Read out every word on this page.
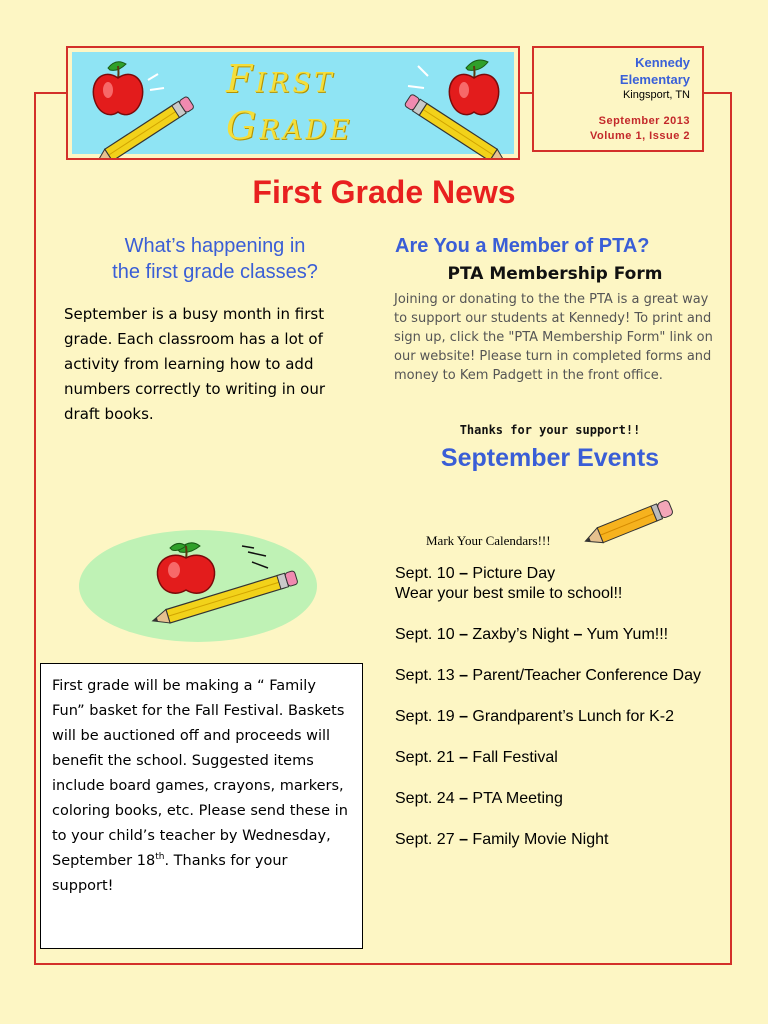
FIRST
GRADE
Kennedy
Elementary
Kingsport, TN
September 2013
Volume 1, Issue 2
First Grade News
What’s happening in
the first grade classes?
September is a busy month in first grade. Each classroom has a lot of activity from learning how to add numbers correctly to writing in our draft books.
First grade will be making a “ Family Fun” basket for the Fall Festival. Baskets will be auctioned off and proceeds will benefit the school. Suggested items include board games, crayons, markers, coloring books, etc. Please send these in to your child’s teacher by Wednesday, September 18th. Thanks for your support!
Are You a Member of PTA?
PTA Membership Form
Joining or donating to the the PTA is a great way to support our students at Kennedy! To print and sign up, click the "PTA Membership Form" link on our website! Please turn in completed forms and money to Kem Padgett in the front office.
Thanks for your support!!
September Events
Mark Your Calendars!!!
Sept. 10 – Picture Day
Wear your best smile to school!!
Sept. 10 – Zaxby’s Night – Yum Yum!!!
Sept. 13 – Parent/Teacher Conference Day
Sept. 19 – Grandparent’s Lunch for K-2
Sept. 21 – Fall Festival
Sept. 24 – PTA Meeting
Sept. 27 – Family Movie Night
